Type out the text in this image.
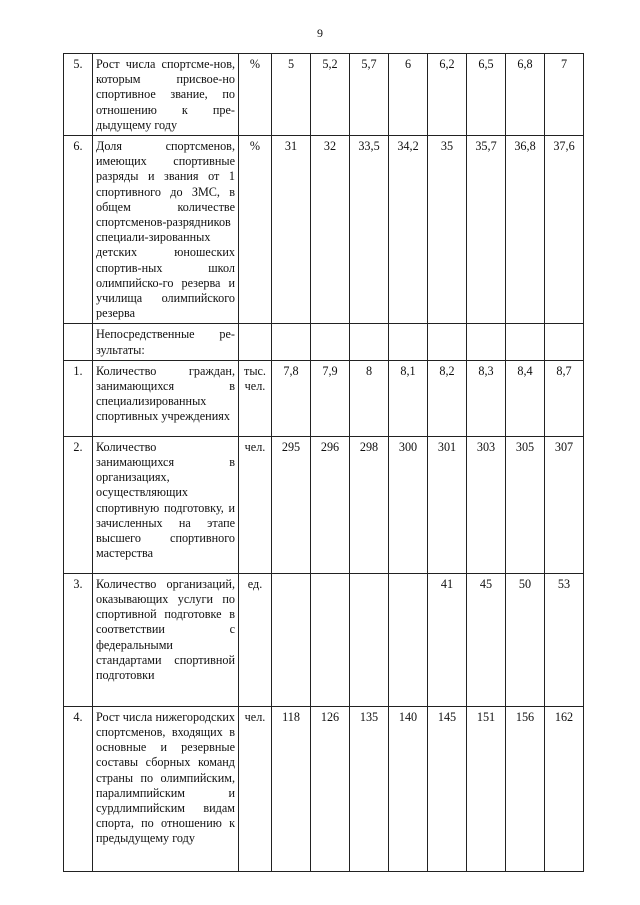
9
5.	Рост числа спортсме-нов, которым присвое-но спортивное звание, по отношению к пре-дыдущему году	%	5	5,2	5,7	6	6,2	6,5	6,8	7
6.	Доля спортсменов, имеющих спортивные разряды и звания от 1 спортивного до ЗМС, в общем количестве спортсменов-разрядников специали-зированных детских юношеских спортив-ных школ олимпийско-го резерва и училища олимпийского резерва	%	31	32	33,5	34,2	35	35,7	36,8	37,6
	Непосредственные ре-зультаты:									
1.	Количество граждан, занимающихся в специализированных спортивных учреждениях	тыс. чел.	7,8	7,9	8	8,1	8,2	8,3	8,4	8,7
2.	Количество занимающихся в организациях, осуществляющих спортивную подготовку, и зачисленных на этапе высшего спортивного мастерства	чел.	295	296	298	300	301	303	305	307
3.	Количество организаций, оказывающих услуги по спортивной подготовке в соответствии с федеральными стандартами спортивной подготовки	ед.					41	45	50	53
4.	Рост числа нижегородских спортсменов, входящих в основные и резервные составы сборных команд страны по олимпийским, паралимпийским и сурдлимпийским видам спорта, по отношению к предыдущему году	чел.	118	126	135	140	145	151	156	162
